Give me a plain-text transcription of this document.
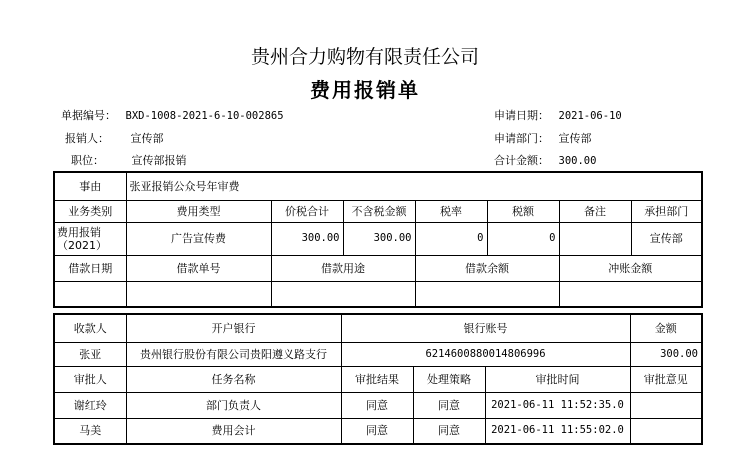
贵州合力购物有限责任公司
费用报销单
单据编号： BXD-1008-2021-6-10-002865
报销人： 宣传部
职位：	宣传部报销
申请日期： 2021-06-10
申请部门： 宣传部
合计金额： 300.00
事由	张亚报销公众号年审费						
业务类别	费用类型	价税合计	不含税金额	税率	税额	备注	承担部门
费用报销（2021）	广告宣传费	300.00	300.00	0	0		宣传部
借款日期	借款单号	借款用途		借款余额		冲账金额	

收款人	开户银行	银行账号			金额
张亚	贵州银行股份有限公司贵阳遵义路支行	6214600880014806996			300.00
审批人	任务名称	审批结果	处理策略	审批时间	审批意见
谢红玲	部门负责人	同意	同意	2021-06-11 11:52:35.0	
马美	费用会计	同意	同意	2021-06-11 11:55:02.0	
